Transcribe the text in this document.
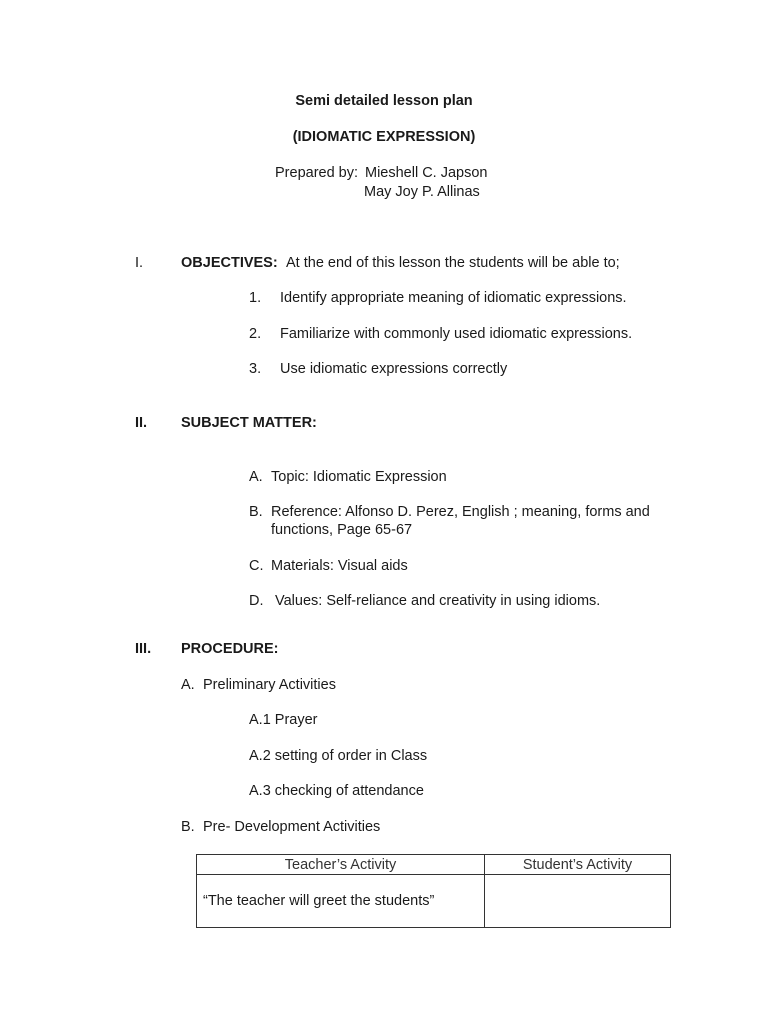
Semi detailed lesson plan
(IDIOMATIC EXPRESSION)
Prepared by: Mieshell C. Japson
May Joy P. Allinas
I.	OBJECTIVES: At the end of this lesson the students will be able to;
1. Identify appropriate meaning of idiomatic expressions.
2. Familiarize with commonly used idiomatic expressions.
3. Use idiomatic expressions correctly
II. SUBJECT MATTER:
A. Topic: Idiomatic Expression
B. Reference: Alfonso D. Perez, English ; meaning, forms and
functions, Page 65-67
C. Materials: Visual aids
D. Values: Self-reliance and creativity in using idioms.
III. PROCEDURE:
A. Preliminary Activities
A.1 Prayer
A.2 setting of order in Class
A.3 checking of attendance
B. Pre- Development Activities
Teacher’s Activity	Student’s Activity
“The teacher will greet the students”	
